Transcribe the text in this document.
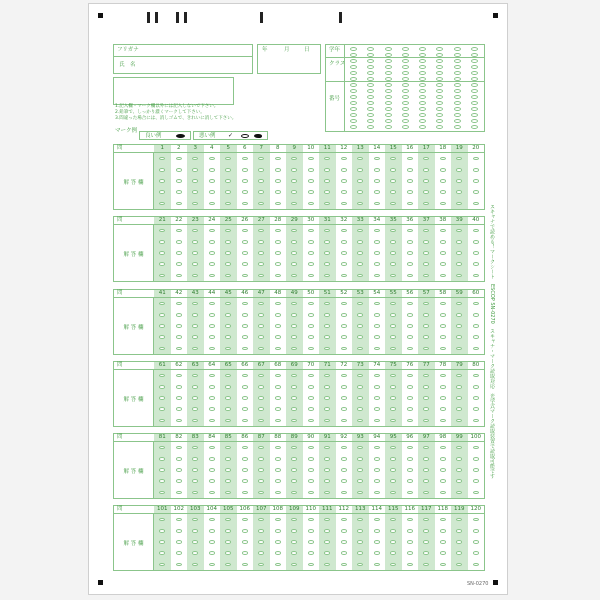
フリガナ
氏　名
年	月	日
1.記入欄・マーク欄以外には記入しないで下さい。
2.鉛筆で、しっかり濃くマークして下さい。
3.間違った場合には、消しゴムで、きれいに消して下さい。
マーク例
良い例	悪い例 ✓
学年
クラス
番号
問	1	2	3	4	5	6	7	8	9	10	11	12	13	14	15	16	17	18	19	20
解 答 欄
問	21	22	23	24	25	26	27	28	29	30	31	32	33	34	35	36	37	38	39	40
解 答 欄
問	41	42	43	44	45	46	47	48	49	50	51	52	53	54	55	56	57	58	59	60
解 答 欄
問	61	62	63	64	65	66	67	68	69	70	71	72	73	74	75	76	77	78	79	80
解 答 欄
問	81	82	83	84	85	86	87	88	89	90	91	92	93	94	95	96	97	98	99	100
解 答 欄
問	101	102	103	104	105	106	107	108	109	110	111	112	113	114	115	116	117	118	119	120
解 答 欄
スキャナで読める！マークシート　ESCOP SN-0270　スキャナ・マーク読取対応　光学式マーク読取装置で読取可能です
SN-0270
